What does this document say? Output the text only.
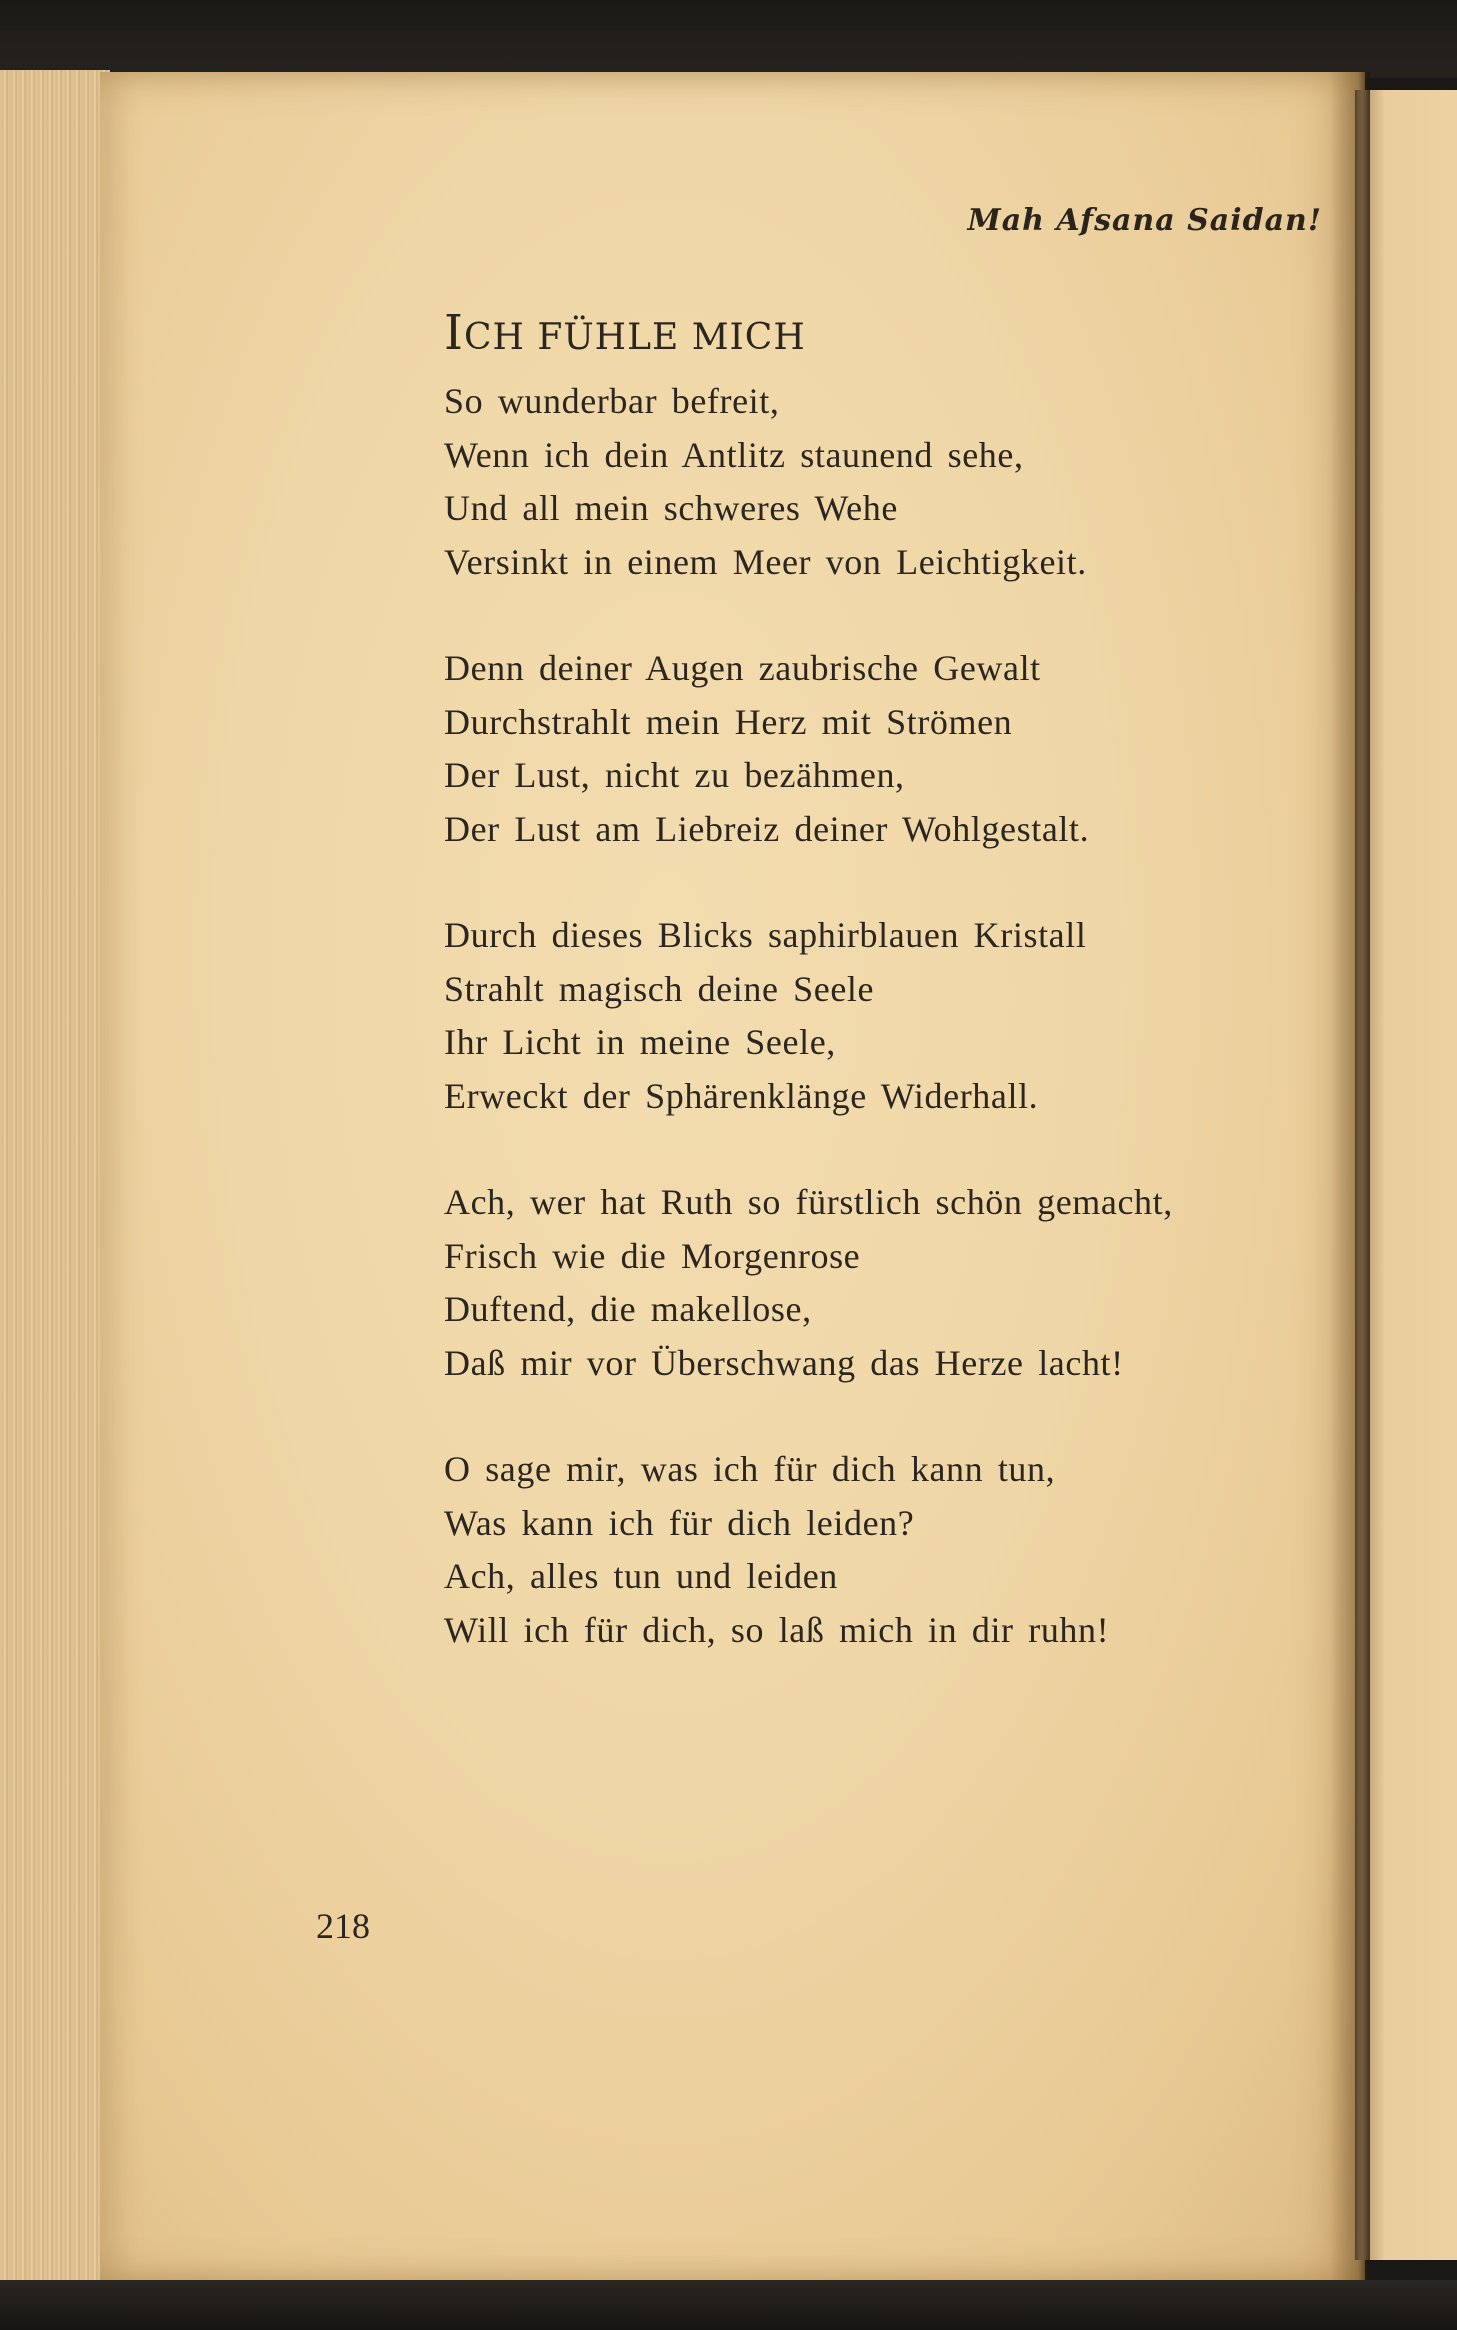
Mah Afsana Saidan!

ICH FÜHLE MICH
So wunderbar befreit,
Wenn ich dein Antlitz staunend sehe,
Und all mein schweres Wehe
Versinkt in einem Meer von Leichtigkeit.
Denn deiner Augen zaubrische Gewalt
Durchstrahlt mein Herz mit Strömen
Der Lust, nicht zu bezähmen,
Der Lust am Liebreiz deiner Wohlgestalt.
Durch dieses Blicks saphirblauen Kristall
Strahlt magisch deine Seele
Ihr Licht in meine Seele,
Erweckt der Sphärenklänge Widerhall.
Ach, wer hat Ruth so fürstlich schön gemacht,
Frisch wie die Morgenrose
Duftend, die makellose,
Daß mir vor Überschwang das Herze lacht!
O sage mir, was ich für dich kann tun,
Was kann ich für dich leiden?
Ach, alles tun und leiden
Will ich für dich, so laß mich in dir ruhn!

218
